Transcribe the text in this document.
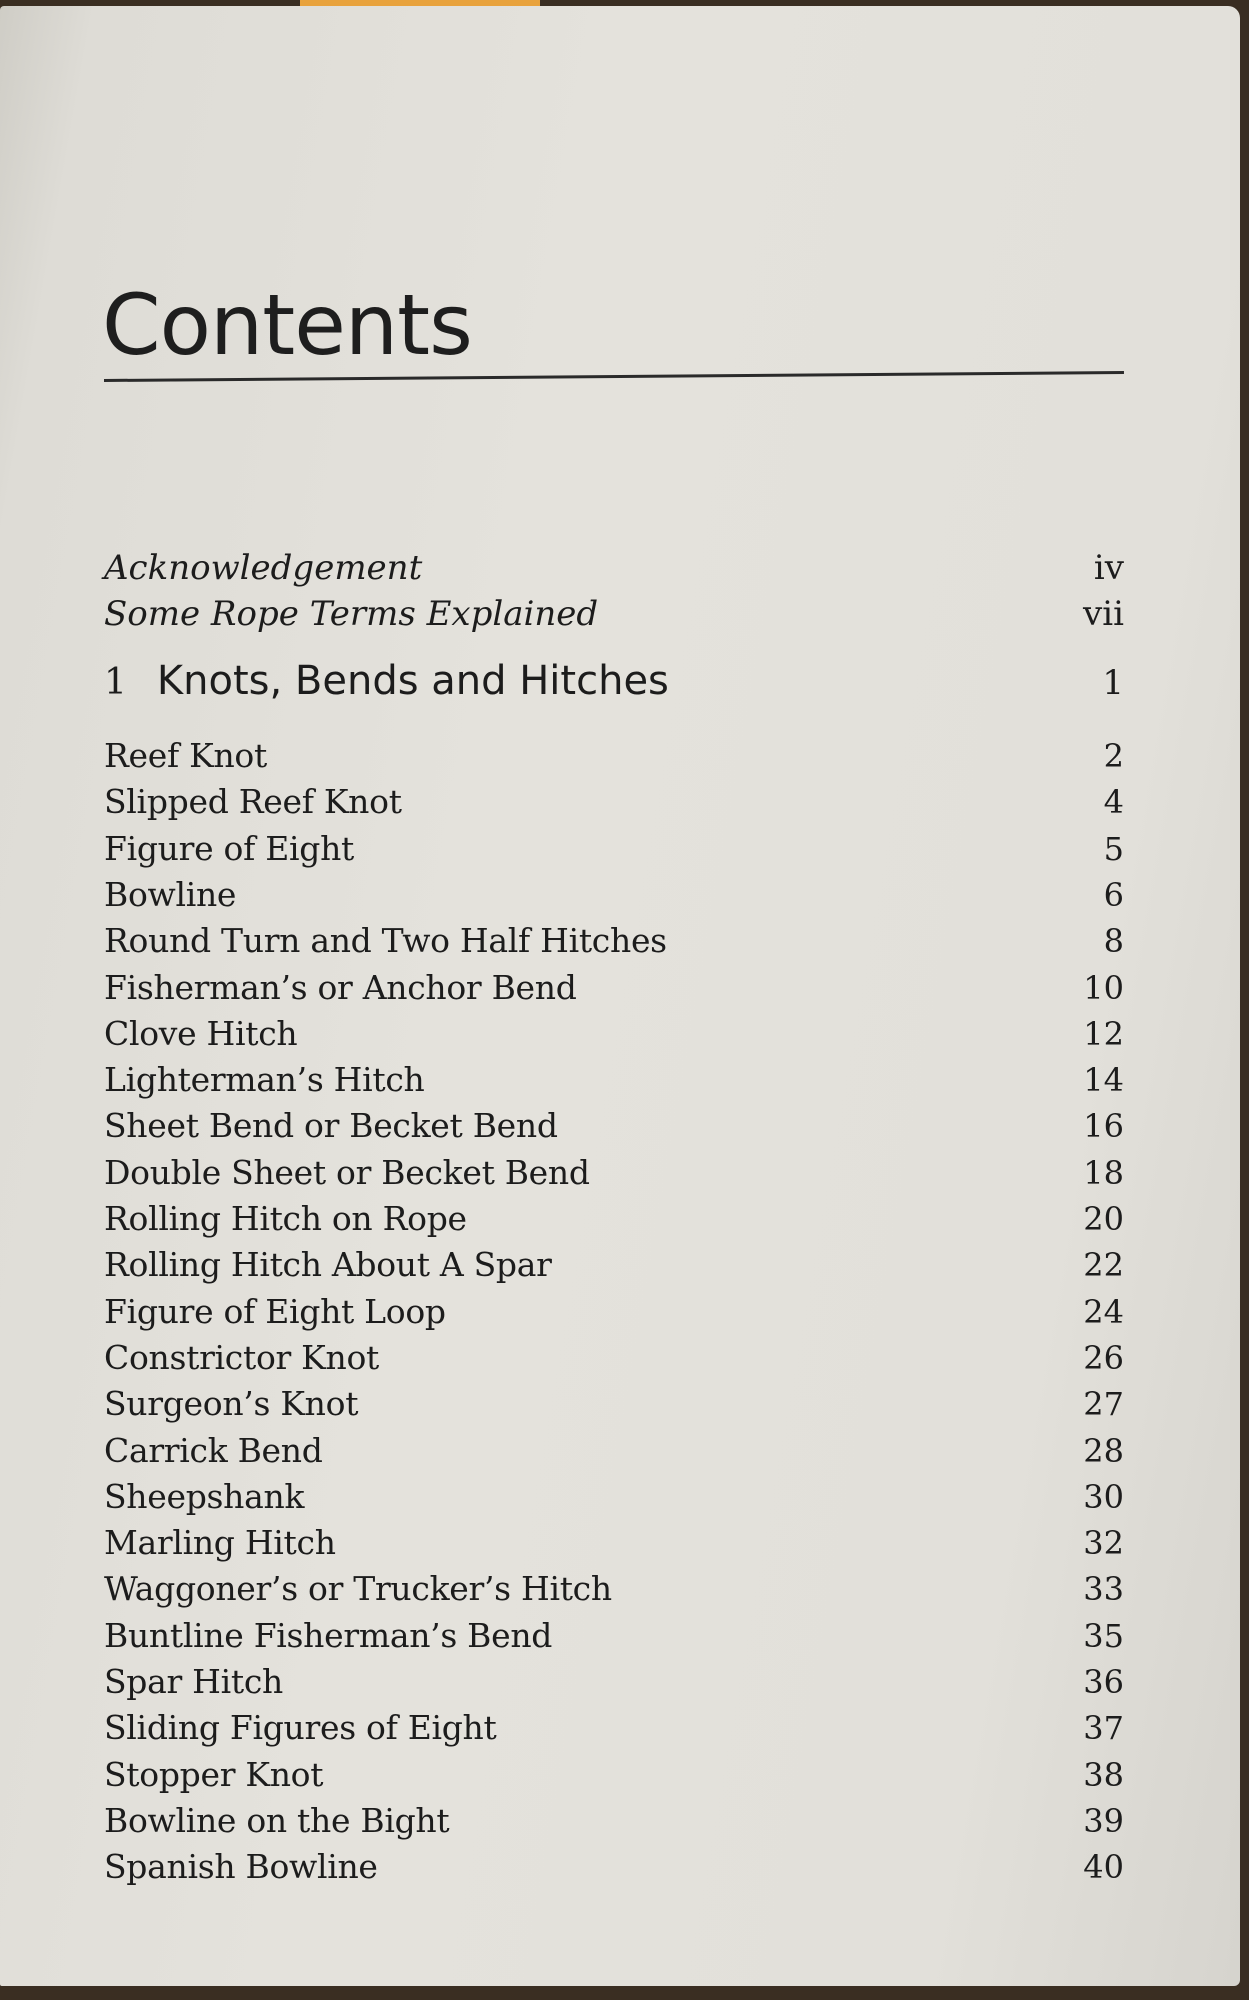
Contents
Acknowledgement	iv
Some Rope Terms Explained	vii
1 Knots, Bends and Hitches	1
Reef Knot	2
Slipped Reef Knot	4
Figure of Eight	5
Bowline	6
Round Turn and Two Half Hitches	8
Fisherman’s or Anchor Bend	10
Clove Hitch	12
Lighterman’s Hitch	14
Sheet Bend or Becket Bend	16
Double Sheet or Becket Bend	18
Rolling Hitch on Rope	20
Rolling Hitch About A Spar	22
Figure of Eight Loop	24
Constrictor Knot	26
Surgeon’s Knot	27
Carrick Bend	28
Sheepshank	30
Marling Hitch	32
Waggoner’s or Trucker’s Hitch	33
Buntline Fisherman’s Bend	35
Spar Hitch	36
Sliding Figures of Eight	37
Stopper Knot	38
Bowline on the Bight	39
Spanish Bowline	40
